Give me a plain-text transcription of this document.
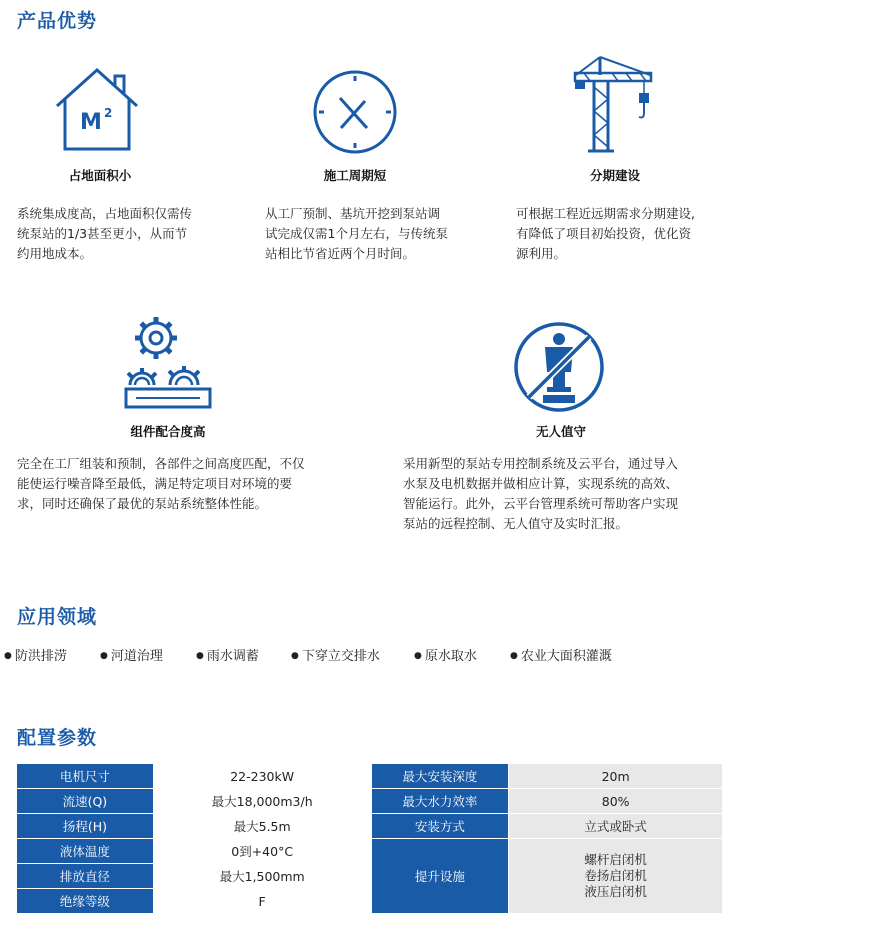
产品优势
M 2
占地面积小
系统集成度高，占地面积仅需传
统泵站的1/3甚至更小，从而节
约用地成本。
施工周期短
从工厂预制、基坑开挖到泵站调
试完成仅需1个月左右，与传统泵
站相比节省近两个月时间。
分期建设
可根据工程近远期需求分期建设,
有降低了项目初始投资，优化资
源利用。
组件配合度高
完全在工厂组装和预制，各部件之间高度匹配，不仅
能使运行噪音降至最低，满足特定项目对环境的要
求，同时还确保了最优的泵站系统整体性能。
无人值守
采用新型的泵站专用控制系统及云平台，通过导入
水泵及电机数据并做相应计算，实现系统的高效、
智能运行。此外，云平台管理系统可帮助客户实现
泵站的远程控制、无人值守及实时汇报。
应用领域
● 防洪排涝	● 河道治理	● 雨水调蓄	● 下穿立交排水	● 原水取水	● 农业大面积灌溉
配置参数
电机尺寸	22-230kW	最大安装深度	20m
流速(Q)	最大18,000m3/h	最大水力效率	80%
扬程(H)	最大5.5m	安装方式	立式或卧式
液体温度	0到+40°C	提升设施	螺杆启闭机
卷扬启闭机
液压启闭机

排放直径	最大1,500mm		
绝缘等级	F		
